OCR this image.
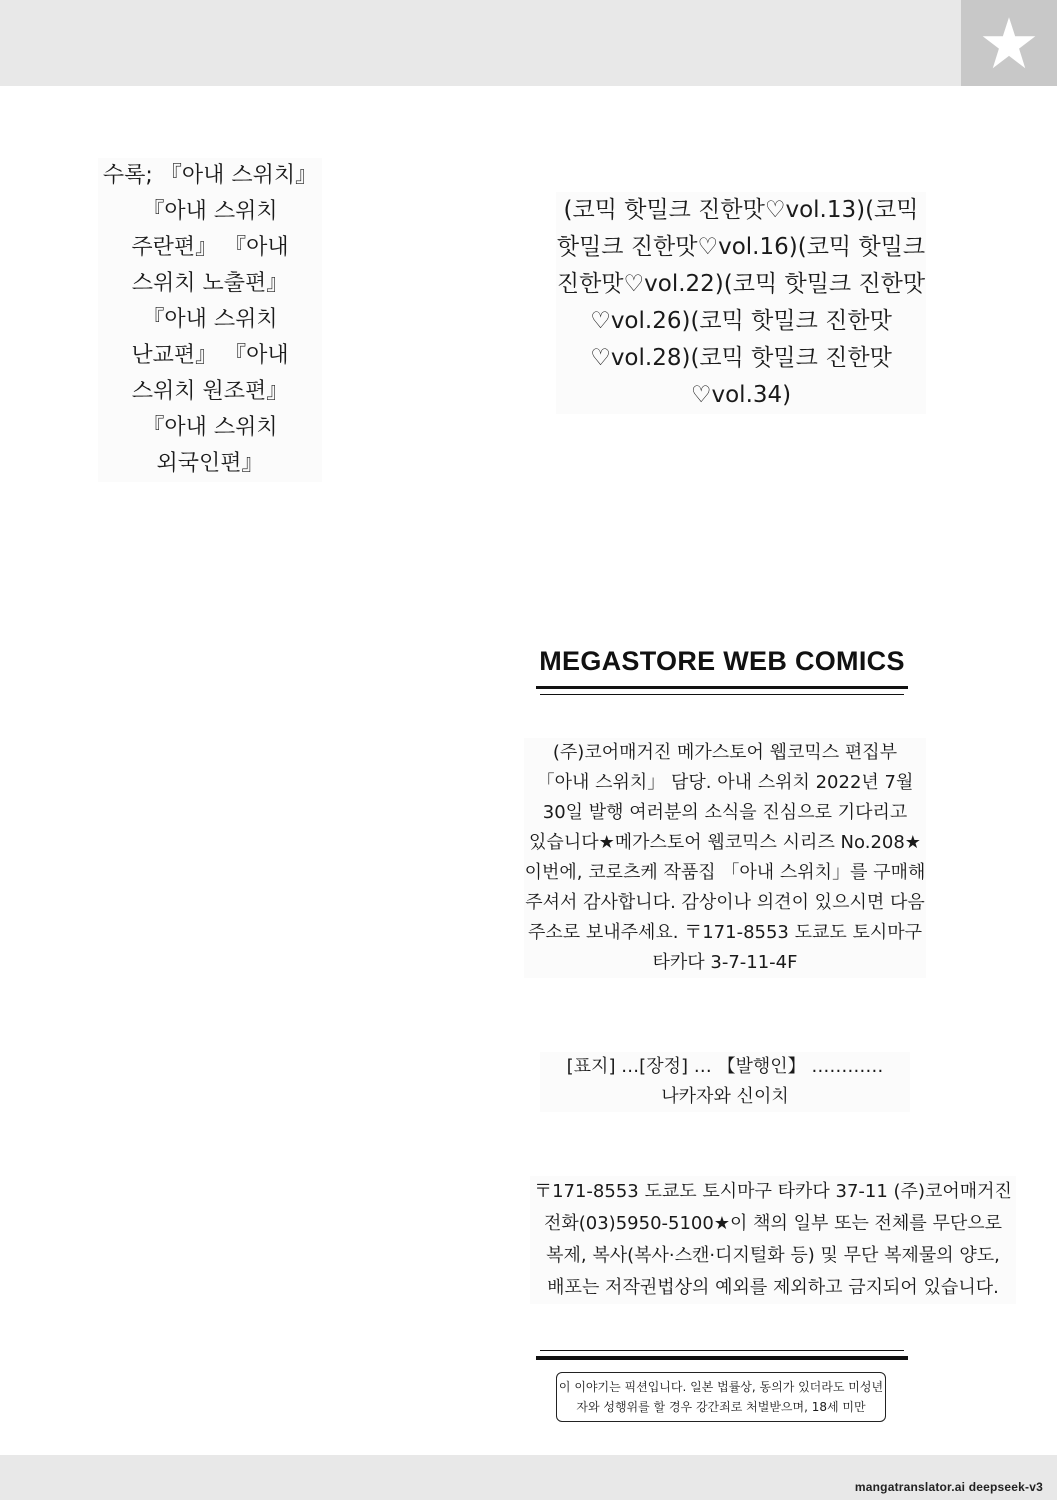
수록; 『아내 스위치』 『아내 스위치 주란편』 『아내 스위치 노출편』 『아내 스위치 난교편』 『아내 스위치 원조편』 『아내 스위치 외국인편』
(코믹 핫밀크 진한맛♡vol.13)(코믹 핫밀크 진한맛♡vol.16)(코믹 핫밀크 진한맛♡vol.22)(코믹 핫밀크 진한맛♡vol.26)(코믹 핫밀크 진한맛♡vol.28)(코믹 핫밀크 진한맛♡vol.34)
MEGASTORE WEB COMICS
(주)코어매거진 메가스토어 웹코믹스 편집부 「아내 스위치」 담당. 아내 스위치 2022년 7월 30일 발행 여러분의 소식을 진심으로 기다리고 있습니다★메가스토어 웹코믹스 시리즈 No.208★이번에, 코로츠케 작품집 「아내 스위치」를 구매해 주셔서 감사합니다. 감상이나 의견이 있으시면 다음 주소로 보내주세요. 〒171-8553 도쿄도 토시마구 타카다 3-7-11-4F
[표지] …[장정] … 【발행인】 …………나카자와 신이치
〒171-8553 도쿄도 토시마구 타카다 37-11 (주)코어매거진 전화(03)5950-5100★이 책의 일부 또는 전체를 무단으로 복제, 복사(복사·스캔·디지털화 등) 및 무단 복제물의 양도, 배포는 저작권법상의 예외를 제외하고 금지되어 있습니다.
이 이야기는 픽션입니다. 일본 법률상, 동의가 있더라도 미성년자와 성행위를 할 경우 강간죄로 처벌받으며, 18세 미만
mangatranslator.ai deepseek-v3
